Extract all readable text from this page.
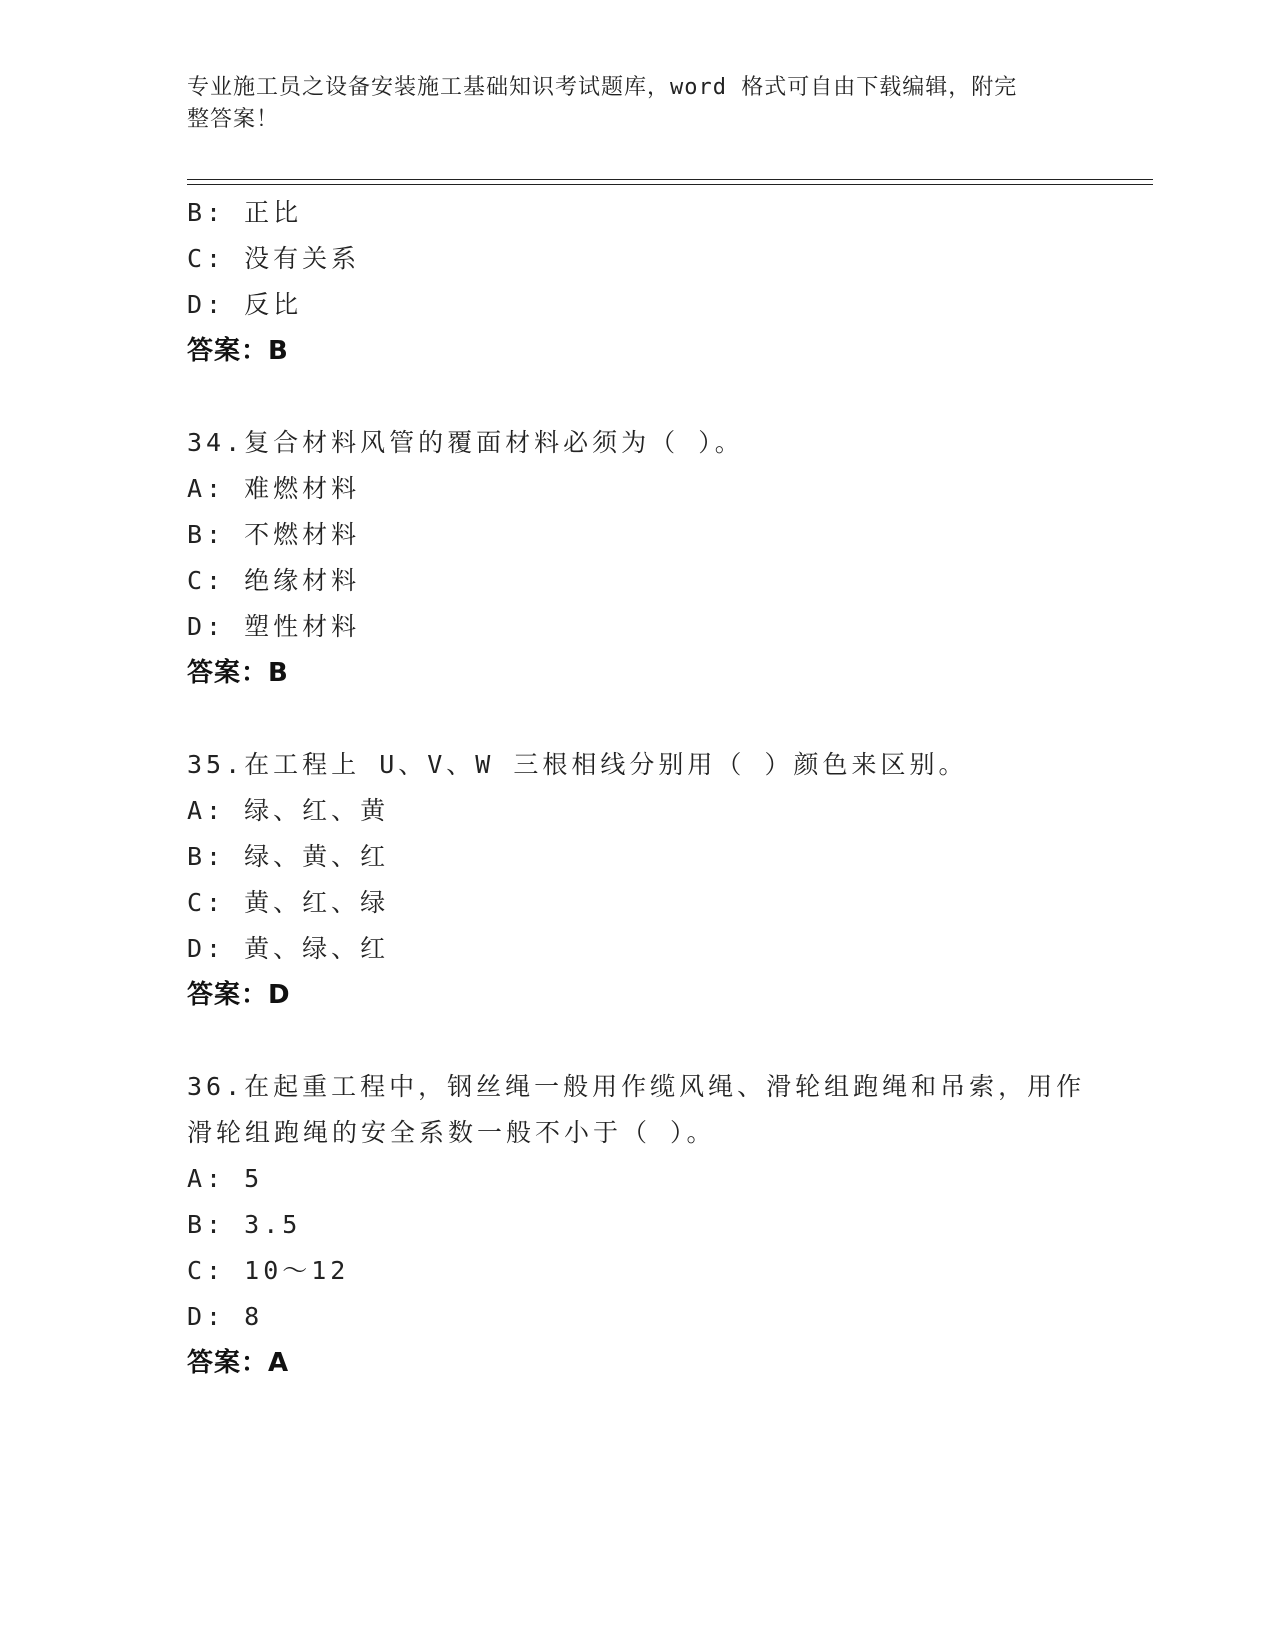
专业施工员之设备安装施工基础知识考试题库，word 格式可自由下载编辑，附完
整答案！
B: 正比
C: 没有关系
D: 反比
答案：B
34.复合材料风管的覆面材料必须为（ ）。
A: 难燃材料
B: 不燃材料
C: 绝缘材料
D: 塑性材料
答案：B
35.在工程上 U、V、W 三根相线分别用（ ）颜色来区别。
A: 绿、红、黄
B: 绿、黄、红
C: 黄、红、绿
D: 黄、绿、红
答案：D
36.在起重工程中，钢丝绳一般用作缆风绳、滑轮组跑绳和吊索，用作
滑轮组跑绳的安全系数一般不小于（ ）。
A: 5
B: 3.5
C: 10～12
D: 8
答案：A
